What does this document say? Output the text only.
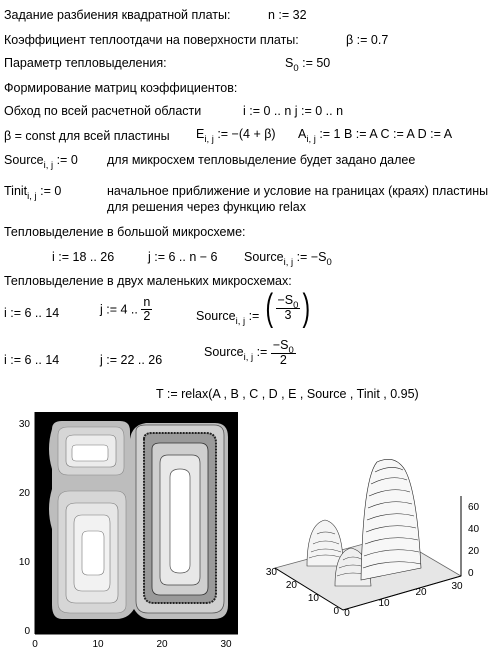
Задание разбиения квадратной платы:	n := 32
Коэффициент теплоотдачи на поверхности платы:	β := 0.7
Параметр тепловыделения:	$S_0$ := 50
Формирование матриц коэффициентов:
Обход по всей расчетной области	i := 0 .. n j := 0 .. n
β = const для всей пластины $E_{i, j}$ := −(4 + β) $A_{i, j}$ := 1 B := A C := A D := A
Source$_{i, j}$ := 0 для микросхем тепловыделение будет задано далее
Tinit$_{i, j}$ := 0	начальное приближение и условие на границах (краях) пластины
для решения через функцию relax
Тепловыделение в большой микросхеме:
i := 18 .. 26	j := 6 .. n − 6 Source$_{i, j}$ := $-S_0$
Тепловыделение в двух маленьких микросхемах:
i := 6 .. 14	j := 4 .. $\frac{n}{2}$	Source$_{i, j}$ := ( $\frac{-S_0}{3}$ )
i := 6 .. 14	j := 22 .. 26
Source$_{i, j}$ := $\frac{-S_0}{2}$
T := relax(A , B , C , D , E , Source , Tinit , 0.95)
0	10	20	30
0
10
20
30
0
20
40
60
0
10
20
30
0
10
20
30
